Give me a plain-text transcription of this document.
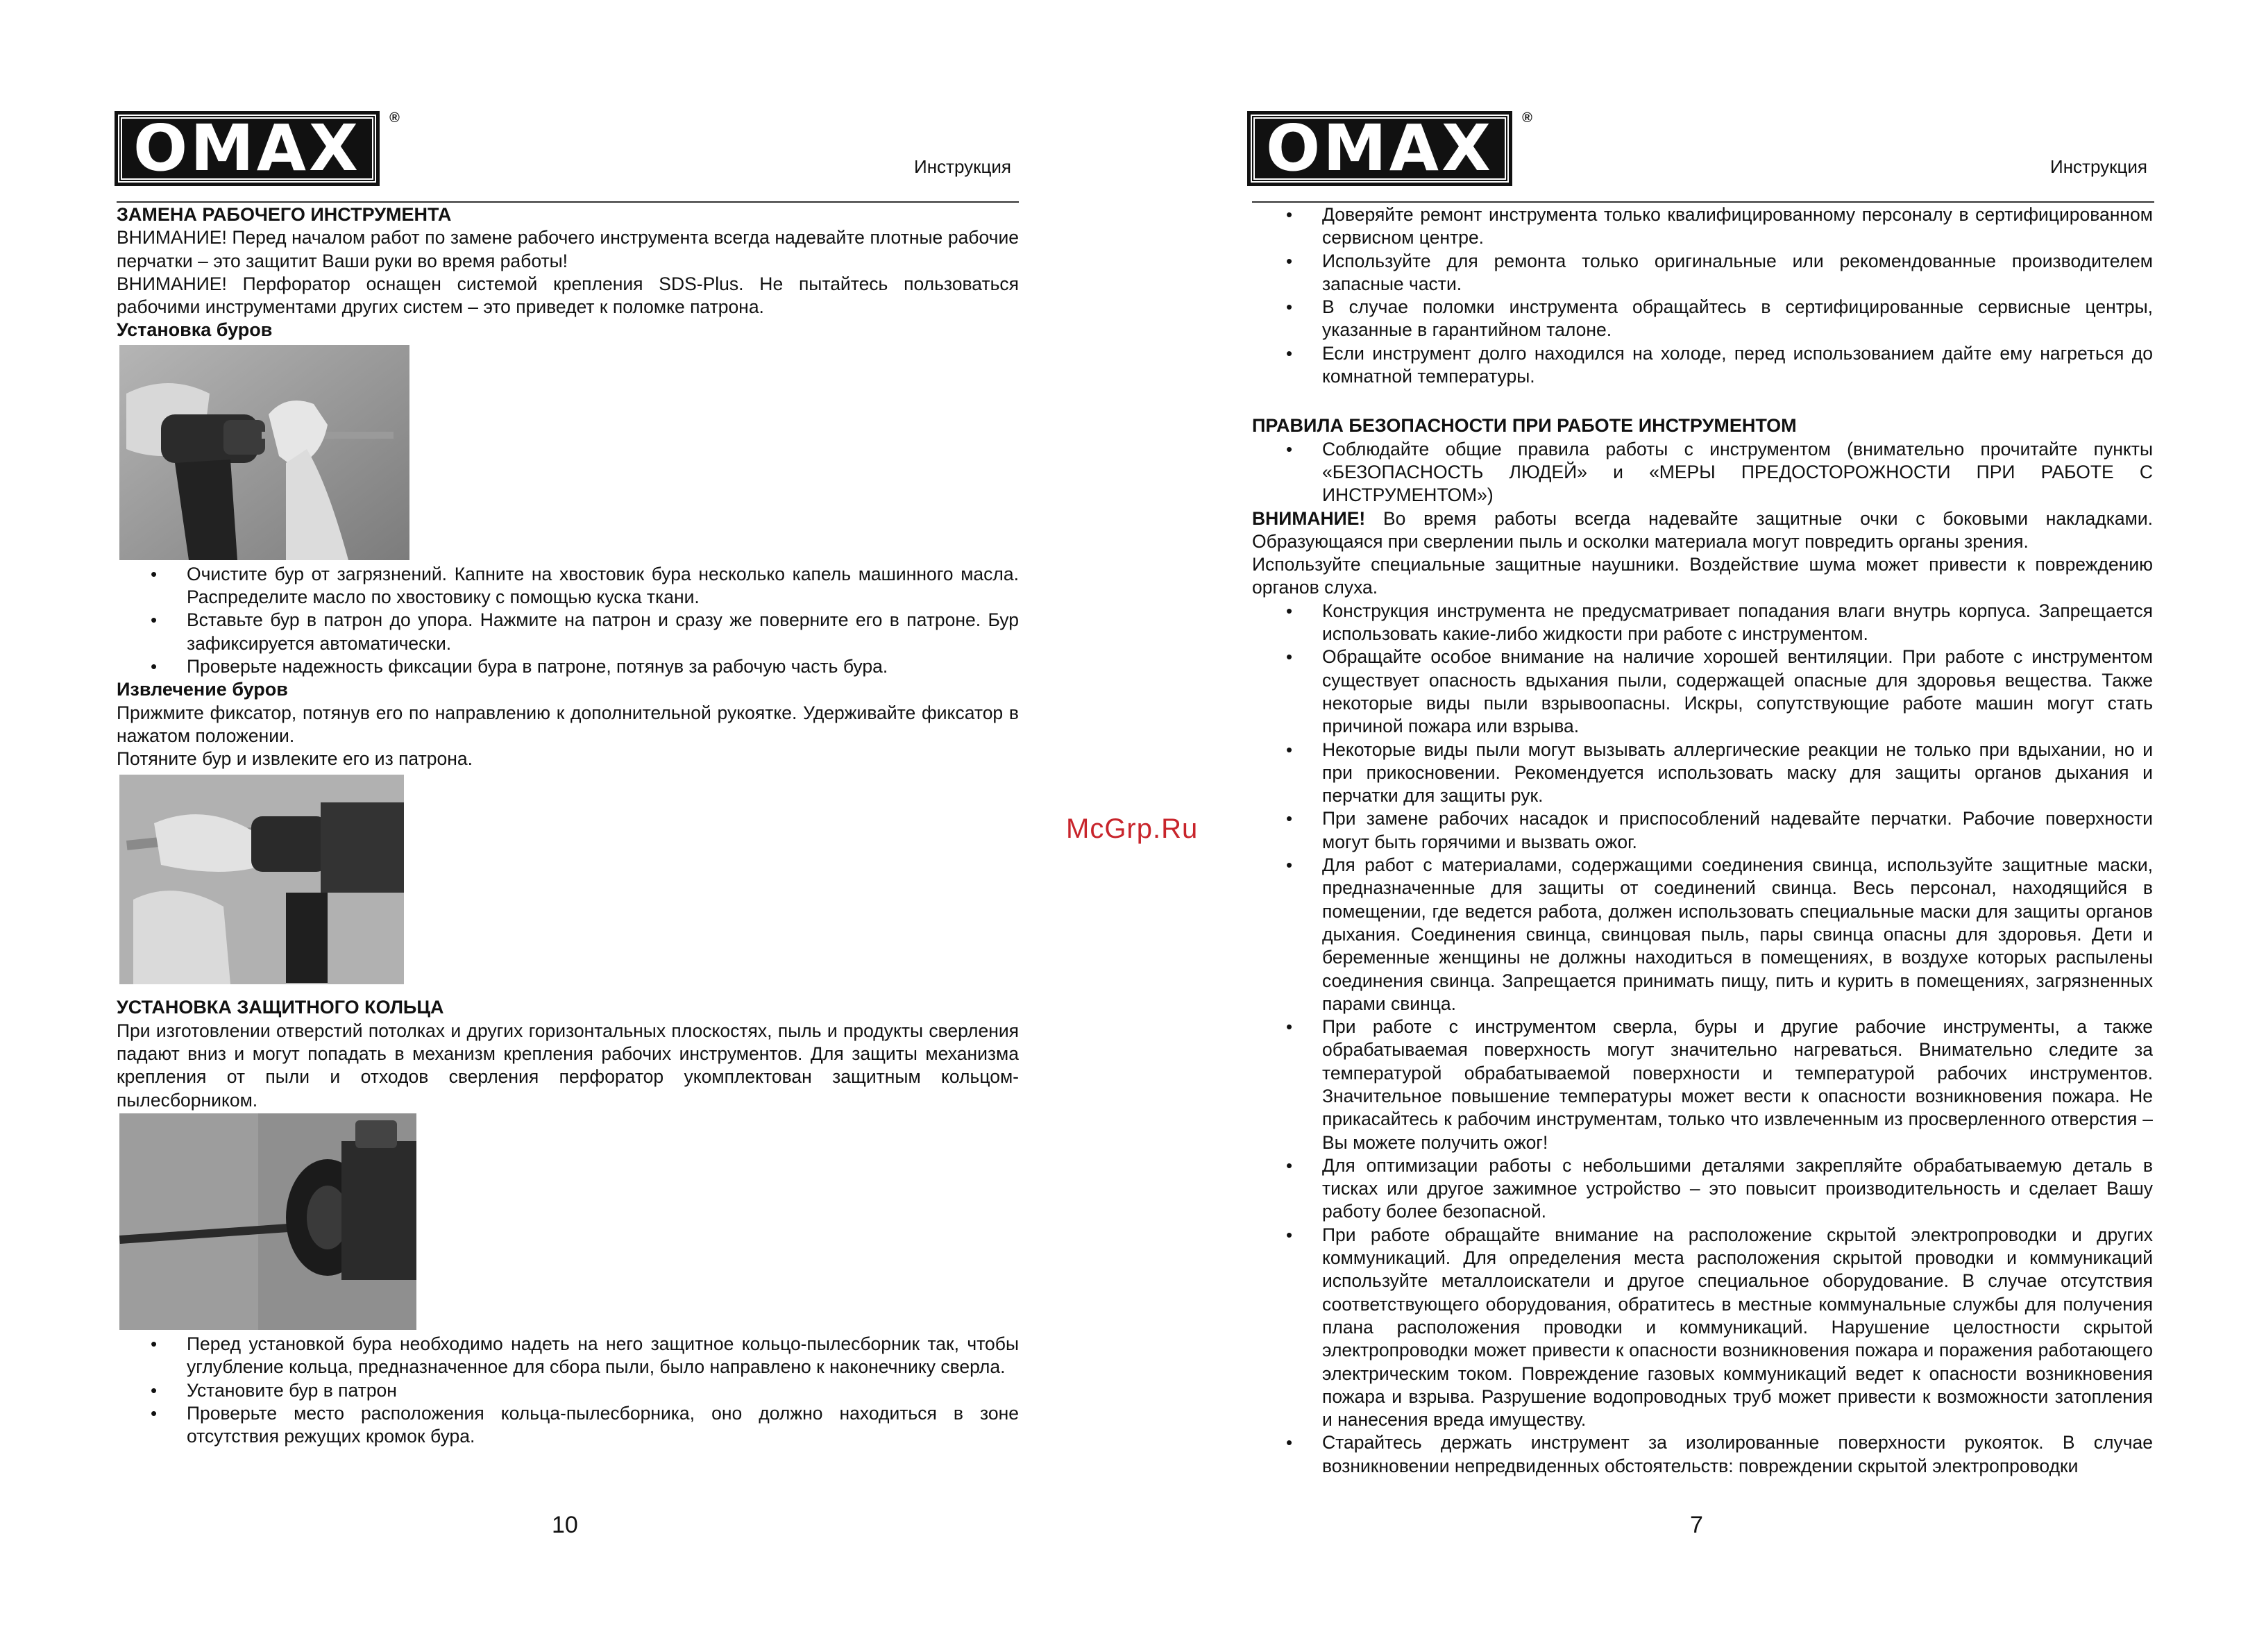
OMAX ®
Инструкция

ЗАМЕНА РАБОЧЕГО ИНСТРУМЕНТА

ВНИМАНИЕ! Перед началом работ по замене рабочего инструмента всегда надевайте плотные рабочие перчатки – это защитит Ваши руки во время работы!

ВНИМАНИЕ! Перфоратор оснащен системой крепления SDS-Plus. Не пытайтесь пользоваться рабочими инструментами других систем – это приведет к поломке патрона.

Установка буров

• Очистите бур от загрязнений. Капните на хвостовик бура несколько капель машинного масла. Распределите масло по хвостовику с помощью куска ткани.
• Вставьте бур в патрон до упора. Нажмите на патрон и сразу же поверните его в патроне. Бур зафиксируется автоматически.
• Проверьте надежность фиксации бура в патроне, потянув за рабочую часть бура.

Извлечение буров

Прижмите фиксатор, потянув его по направлению к дополнительной рукоятке. Удерживайте фиксатор в нажатом положении.

Потяните бур и извлеките его из патрона.

УСТАНОВКА ЗАЩИТНОГО КОЛЬЦА

При изготовлении отверстий потолках и других горизонтальных плоскостях, пыль и продукты сверления падают вниз и могут попадать в механизм крепления рабочих инструментов. Для защиты механизма крепления от пыли и отходов сверления перфоратор укомплектован защитным кольцом-пылесборником.

• Перед установкой бура необходимо надеть на него защитное кольцо-пылесборник так, чтобы углубление кольца, предназначенное для сбора пыли, было направлено к наконечнику сверла.
• Установите бур в патрон
• Проверьте место расположения кольца-пылесборника, оно должно находиться в зоне отсутствия режущих кромок бура.
10
OMAX ®
Инструкция
• Доверяйте ремонт инструмента только квалифицированному персоналу в сертифицированном сервисном центре.
• Используйте для ремонта только оригинальные или рекомендованные производителем запасные части.
• В случае поломки инструмента обращайтесь в сертифицированные сервисные центры, указанные в гарантийном талоне.
• Если инструмент долго находился на холоде, перед использованием дайте ему нагреться до комнатной температуры.

ПРАВИЛА БЕЗОПАСНОСТИ ПРИ РАБОТЕ ИНСТРУМЕНТОМ

• Соблюдайте общие правила работы с инструментом (внимательно прочитайте пункты «БЕЗОПАСНОСТЬ ЛЮДЕЙ» и «МЕРЫ ПРЕДОСТОРОЖНОСТИ ПРИ РАБОТЕ С ИНСТРУМЕНТОМ»)

ВНИМАНИЕ! Во время работы всегда надевайте защитные очки с боковыми накладками. Образующаяся при сверлении пыль и осколки материала могут повредить органы зрения.

Используйте специальные защитные наушники. Воздействие шума может привести к повреждению органов слуха.

• Конструкция инструмента не предусматривает попадания влаги внутрь корпуса. Запрещается использовать какие-либо жидкости при работе с инструментом.
• Обращайте особое внимание на наличие хорошей вентиляции. При работе с инструментом существует опасность вдыхания пыли, содержащей опасные для здоровья вещества. Также некоторые виды пыли взрывоопасны. Искры, сопутствующие работе машин могут стать причиной пожара или взрыва.
• Некоторые виды пыли могут вызывать аллергические реакции не только при вдыхании, но и при прикосновении. Рекомендуется использовать маску для защиты органов дыхания и перчатки для защиты рук.
• При замене рабочих насадок и приспособлений надевайте перчатки. Рабочие поверхности могут быть горячими и вызвать ожог.
• Для работ с материалами, содержащими соединения свинца, используйте защитные маски, предназначенные для защиты от соединений свинца. Весь персонал, находящийся в помещении, где ведется работа, должен использовать специальные маски для защиты органов дыхания. Соединения свинца, свинцовая пыль, пары свинца опасны для здоровья. Дети и беременные женщины не должны находиться в помещениях, в воздухе которых распылены соединения свинца. Запрещается принимать пищу, пить и курить в помещениях, загрязненных парами свинца.
• При работе с инструментом сверла, буры и другие рабочие инструменты, а также обрабатываемая поверхность могут значительно нагреваться. Внимательно следите за температурой обрабатываемой поверхности и температурой рабочих инструментов. Значительное повышение температуры может вести к опасности возникновения пожара. Не прикасайтесь к рабочим инструментам, только что извлеченным из просверленного отверстия – Вы можете получить ожог!
• Для оптимизации работы с небольшими деталями закрепляйте обрабатываемую деталь в тисках или другое зажимное устройство – это повысит производительность и сделает Вашу работу более безопасной.
• При работе обращайте внимание на расположение скрытой электропроводки и других коммуникаций. Для определения места расположения скрытой проводки и коммуникаций используйте металлоискатели и другое специальное оборудование. В случае отсутствия соответствующего оборудования, обратитесь в местные коммунальные службы для получения плана расположения проводки и коммуникаций. Нарушение целостности скрытой электропроводки может привести к опасности возникновения пожара и поражения работающего электрическим током. Повреждение газовых коммуникаций ведет к опасности возникновения пожара и взрыва. Разрушение водопроводных труб может привести к возможности затопления и нанесения вреда имуществу.
• Старайтесь держать инструмент за изолированные поверхности рукояток. В случае возникновении непредвиденных обстоятельств: повреждении скрытой электропроводки
7
McGrp.Ru
